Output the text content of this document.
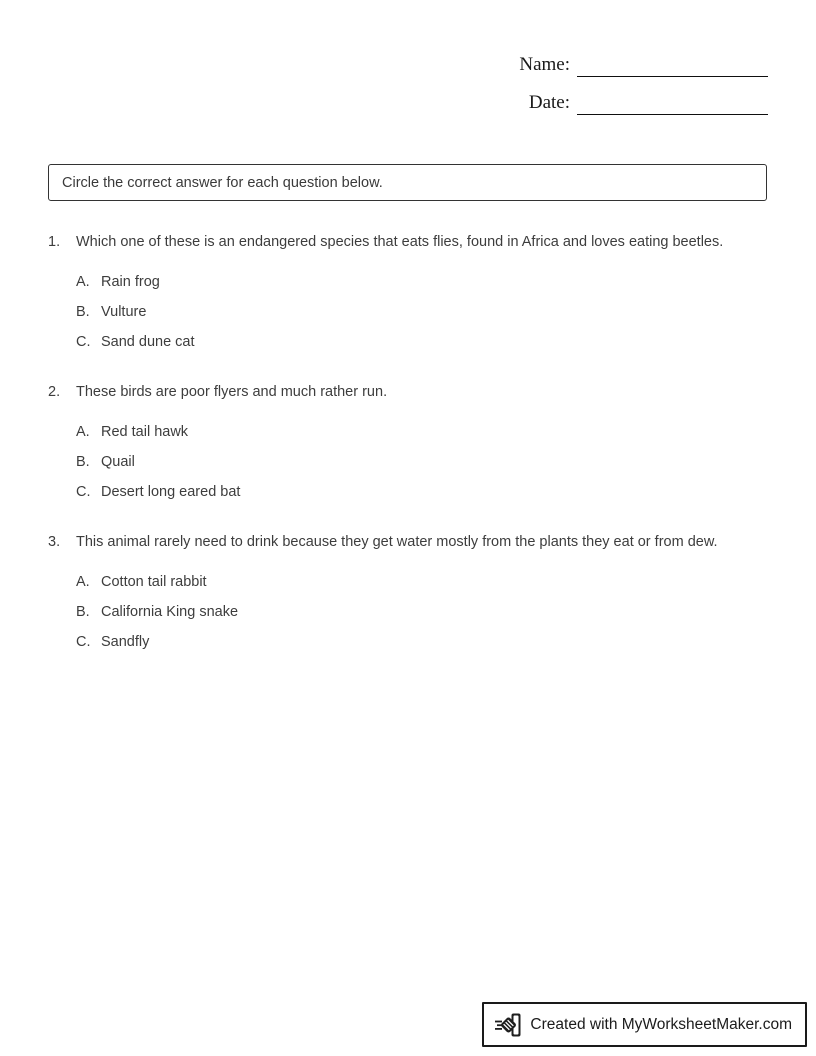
Name:
Date:
Circle the correct answer for each question below.
1.	Which one of these is an endangered species that eats flies, found in Africa and loves eating beetles.
A. Rain frog
B. Vulture
C. Sand dune cat
2.	These birds are poor flyers and much rather run.
A. Red tail hawk
B. Quail
C. Desert long eared bat
3.	This animal rarely need to drink because they get water mostly from the plants they eat or from dew.
A. Cotton tail rabbit
B. California King snake
C. Sandfly
Created with MyWorksheetMaker.com
